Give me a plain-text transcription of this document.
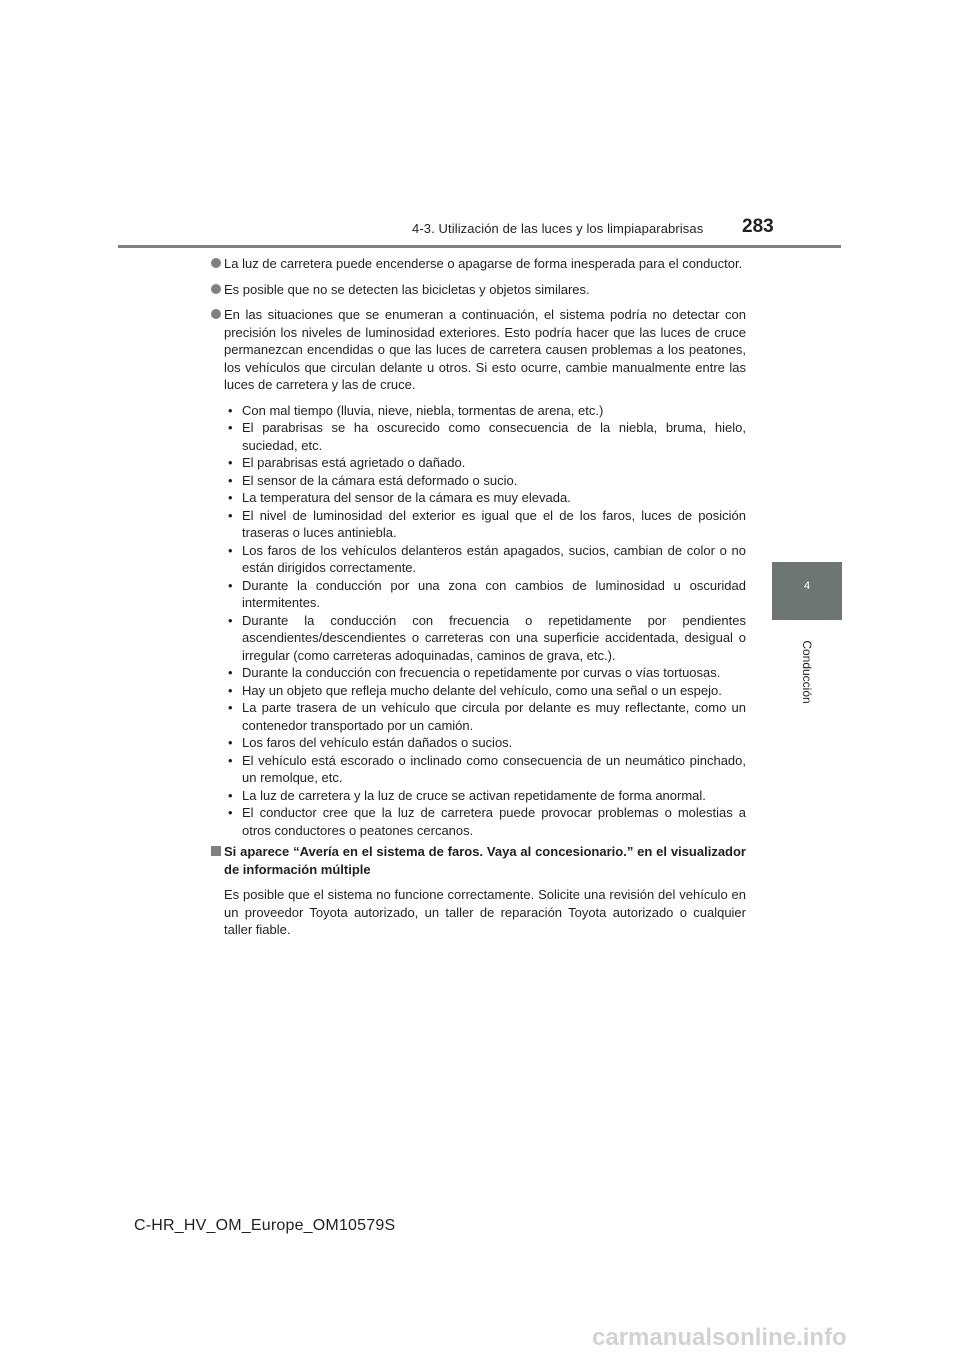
4-3. Utilización de las luces y los limpiaparabrisas 283
4
Conducción
La luz de carretera puede encenderse o apagarse de forma inesperada para el conductor.
Es posible que no se detecten las bicicletas y objetos similares.
En las situaciones que se enumeran a continuación, el sistema podría no detectar con precisión los niveles de luminosidad exteriores. Esto podría hacer que las luces de cruce permanezcan encendidas o que las luces de carretera causen problemas a los peatones, los vehículos que circulan delante u otros. Si esto ocurre, cambie manualmente entre las luces de carretera y las de cruce.
• Con mal tiempo (lluvia, nieve, niebla, tormentas de arena, etc.)
• El parabrisas se ha oscurecido como consecuencia de la niebla, bruma, hielo, suciedad, etc.
• El parabrisas está agrietado o dañado.
• El sensor de la cámara está deformado o sucio.
• La temperatura del sensor de la cámara es muy elevada.
• El nivel de luminosidad del exterior es igual que el de los faros, luces de posición traseras o luces antiniebla.
• Los faros de los vehículos delanteros están apagados, sucios, cambian de color o no están dirigidos correctamente.
• Durante la conducción por una zona con cambios de luminosidad u oscuridad intermitentes.
• Durante la conducción con frecuencia o repetidamente por pendientes ascendientes/descendientes o carreteras con una superficie accidentada, desigual o irregular (como carreteras adoquinadas, caminos de grava, etc.).
• Durante la conducción con frecuencia o repetidamente por curvas o vías tortuosas.
• Hay un objeto que refleja mucho delante del vehículo, como una señal o un espejo.
• La parte trasera de un vehículo que circula por delante es muy reflectante, como un contenedor transportado por un camión.
• Los faros del vehículo están dañados o sucios.
• El vehículo está escorado o inclinado como consecuencia de un neumático pinchado, un remolque, etc.
• La luz de carretera y la luz de cruce se activan repetidamente de forma anormal.
• El conductor cree que la luz de carretera puede provocar problemas o molestias a otros conductores o peatones cercanos.
Si aparece “Avería en el sistema de faros. Vaya al concesionario.” en el visualizador de información múltiple
Es posible que el sistema no funcione correctamente. Solicite una revisión del vehículo en un proveedor Toyota autorizado, un taller de reparación Toyota autorizado o cualquier taller fiable.
C-HR_HV_OM_Europe_OM10579S
carmanualsonline.info
